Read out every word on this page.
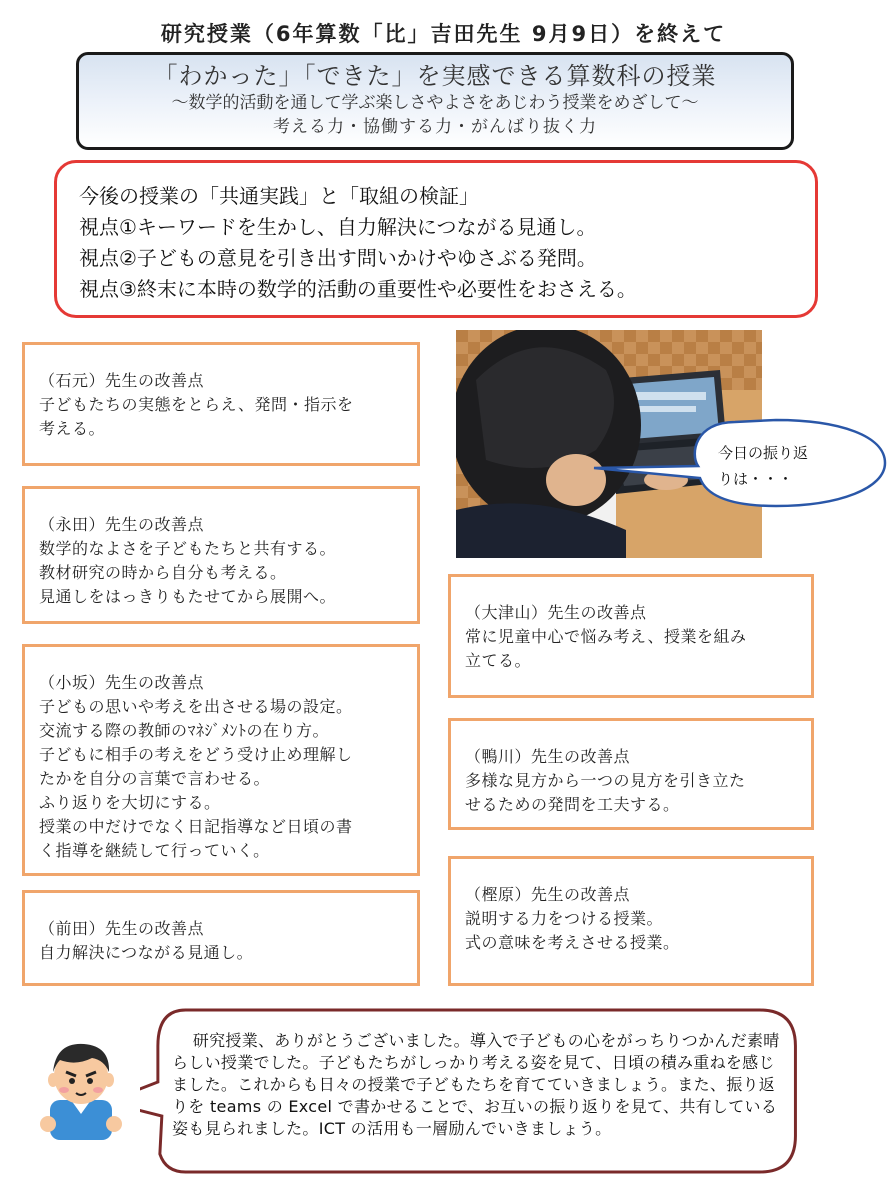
研究授業（6年算数「比」吉田先生 9月9日）を終えて
「わかった」「できた」を実感できる算数科の授業
～数学的活動を通して学ぶ楽しさやよさをあじわう授業をめざして～
考える力・協働する力・がんばり抜く力
今後の授業の「共通実践」と「取組の検証」
視点①キーワードを生かし、自力解決につながる見通し。
視点②子どもの意見を引き出す問いかけやゆさぶる発問。
視点③終末に本時の数学的活動の重要性や必要性をおさえる。
（石元）先生の改善点
子どもたちの実態をとらえ、発問・指示を
考える。
（永田）先生の改善点
数学的なよさを子どもたちと共有する。
教材研究の時から自分も考える。
見通しをはっきりもたせてから展開へ。
（小坂）先生の改善点
子どもの思いや考えを出させる場の設定。
交流する際の教師のﾏﾈｼﾞﾒﾝﾄの在り方。
子どもに相手の考えをどう受け止め理解し
たかを自分の言葉で言わせる。
ふり返りを大切にする。
授業の中だけでなく日記指導など日頃の書
く指導を継続して行っていく。
（前田）先生の改善点
自力解決につながる見通し。
今日の振り返
りは・・・
（大津山）先生の改善点
常に児童中心で悩み考え、授業を組み
立てる。
（鴨川）先生の改善点
多様な見方から一つの見方を引き立た
せるための発問を工夫する。
（樫原）先生の改善点
説明する力をつける授業。
式の意味を考えさせる授業。
研究授業、ありがとうございました。導入で子どもの心をがっちりつかんだ素晴らしい授業でした。子どもたちがしっかり考える姿を見て、日頃の積み重ねを感じました。これからも日々の授業で子どもたちを育てていきましょう。また、振り返りを teams の Excel で書かせることで、お互いの振り返りを見て、共有している姿も見られました。ICT の活用も一層励んでいきましょう。
